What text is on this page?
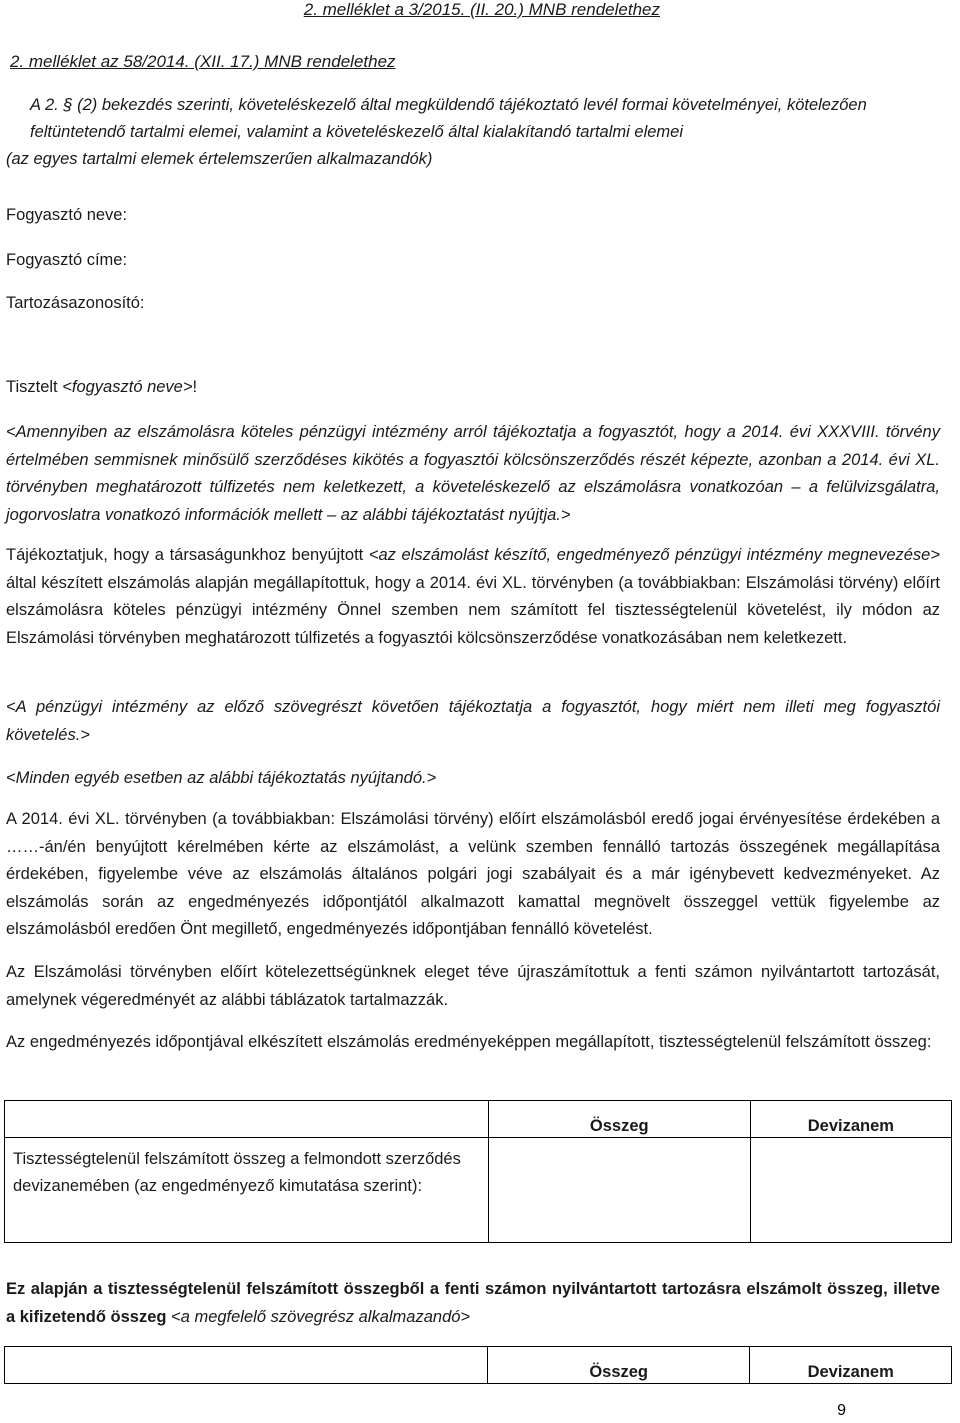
2. melléklet a 3/2015. (II. 20.) MNB rendelethez
2. melléklet az 58/2014. (XII. 17.) MNB rendelethez
A 2. § (2) bekezdés szerinti, követeléskezelő által megküldendő tájékoztató levél formai követelményei, kötelezően
feltüntetendő tartalmi elemei, valamint a követeléskezelő által kialakítandó tartalmi elemei
(az egyes tartalmi elemek értelemszerűen alkalmazandók)
Fogyasztó neve:
Fogyasztó címe:
Tartozásazonosító:
Tisztelt <fogyasztó neve>!

<Amennyiben az elszámolásra köteles pénzügyi intézmény arról tájékoztatja a fogyasztót, hogy a 2014. évi XXXVIII. törvény értelmében semmisnek minősülő szerződéses kikötés a fogyasztói kölcsönszerződés részét képezte, azonban a 2014. évi XL. törvényben meghatározott túlfizetés nem keletkezett, a követeléskezelő az elszámolásra vonatkozóan – a felülvizsgálatra, jogorvoslatra vonatkozó információk mellett – az alábbi tájékoztatást nyújtja.>

Tájékoztatjuk, hogy a társaságunkhoz benyújtott <az elszámolást készítő, engedményező pénzügyi intézmény megnevezése> által készített elszámolás alapján megállapítottuk, hogy a 2014. évi XL. törvényben (a továbbiakban: Elszámolási törvény) előírt elszámolásra köteles pénzügyi intézmény Önnel szemben nem számított fel tisztességtelenül követelést, ily módon az Elszámolási törvényben meghatározott túlfizetés a fogyasztói kölcsönszerződése vonatkozásában nem keletkezett.

<A pénzügyi intézmény az előző szövegrészt követően tájékoztatja a fogyasztót, hogy miért nem illeti meg fogyasztói követelés.>

<Minden egyéb esetben az alábbi tájékoztatás nyújtandó.>

A 2014. évi XL. törvényben (a továbbiakban: Elszámolási törvény) előírt elszámolásból eredő jogai érvényesítése érdekében a ……-án/én benyújtott kérelmében kérte az elszámolást, a velünk szemben fennálló tartozás összegének megállapítása érdekében, figyelembe véve az elszámolás általános polgári jogi szabályait és a már igénybevett kedvezményeket. Az elszámolás során az engedményezés időpontjától alkalmazott kamattal megnövelt összeggel vettük figyelembe az elszámolásból eredően Önt megillető, engedményezés időpontjában fennálló követelést.

Az Elszámolási törvényben előírt kötelezettségünknek eleget téve újraszámítottuk a fenti számon nyilvántartott tartozását, amelynek végeredményét az alábbi táblázatok tartalmazzák.

Az engedményezés időpontjával elkészített elszámolás eredményeképpen megállapított, tisztességtelenül felszámított összeg:

	Összeg	Devizanem
Tisztességtelenül felszámított összeg a felmondott szerződés devizanemében (az engedményező kimutatása szerint):		

Ez alapján a tisztességtelenül felszámított összegből a fenti számon nyilvántartott tartozásra elszámolt összeg, illetve a kifizetendő összeg <a megfelelő szövegrész alkalmazandó>

	Összeg	Devizanem
9
